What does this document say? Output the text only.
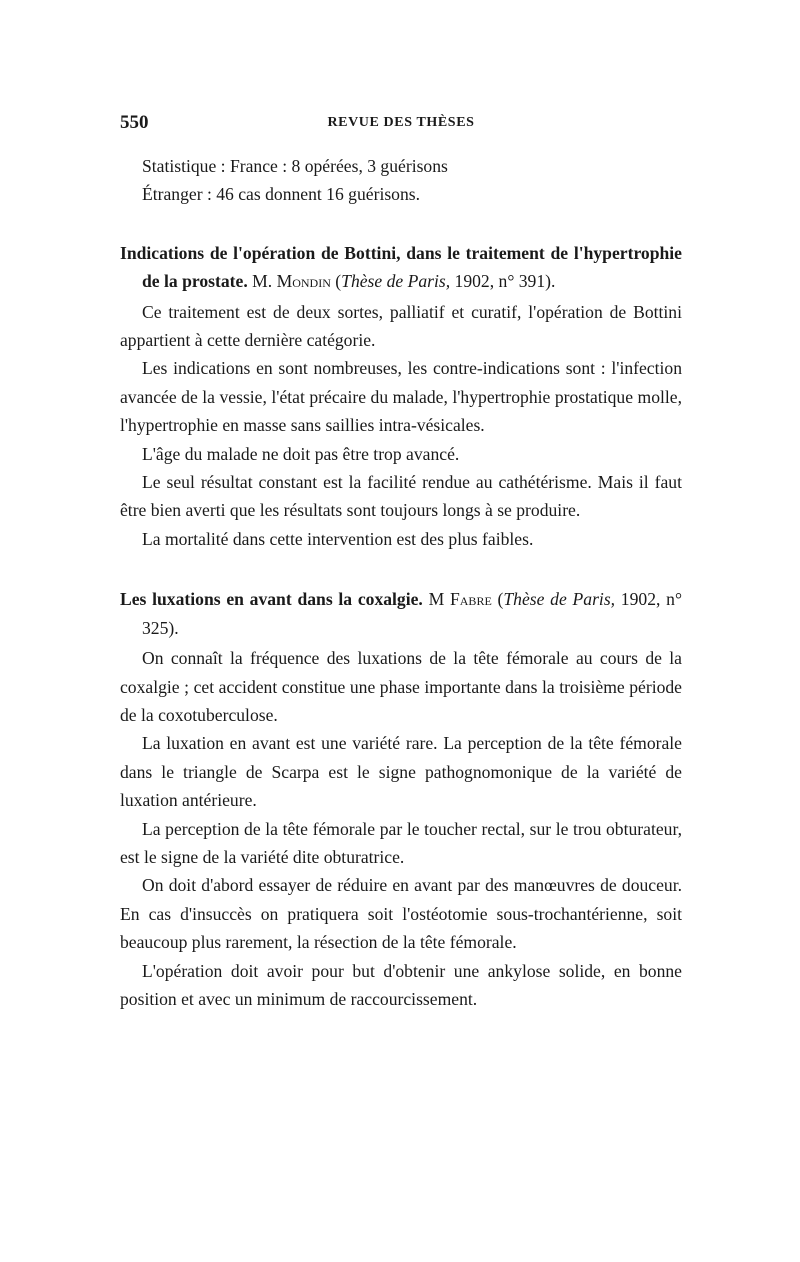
550	REVUE DES THÈSES

Statistique : France : 8 opérées, 3 guérisons

Étranger : 46 cas donnent 16 guérisons.

Indications de l'opération de Bottini, dans le traitement de l'hypertrophie de la prostate. M. Mondin (Thèse de Paris, 1902, n° 391).

Ce traitement est de deux sortes, palliatif et curatif, l'opération de Bottini appartient à cette dernière catégorie.

Les indications en sont nombreuses, les contre-indications sont : l'infection avancée de la vessie, l'état précaire du malade, l'hypertrophie prostatique molle, l'hypertrophie en masse sans saillies intra-vésicales.

L'âge du malade ne doit pas être trop avancé.

Le seul résultat constant est la facilité rendue au cathétérisme. Mais il faut être bien averti que les résultats sont toujours longs à se produire.

La mortalité dans cette intervention est des plus faibles.

Les luxations en avant dans la coxalgie. M Fabre (Thèse de Paris, 1902, n° 325).

On connaît la fréquence des luxations de la tête fémorale au cours de la coxalgie ; cet accident constitue une phase importante dans la troisième période de la coxotuberculose.

La luxation en avant est une variété rare. La perception de la tête fémorale dans le triangle de Scarpa est le signe pathognomonique de la variété de luxation antérieure.

La perception de la tête fémorale par le toucher rectal, sur le trou obturateur, est le signe de la variété dite obturatrice.

On doit d'abord essayer de réduire en avant par des manœuvres de douceur. En cas d'insuccès on pratiquera soit l'ostéotomie sous-trochantérienne, soit beaucoup plus rarement, la résection de la tête fémorale.

L'opération doit avoir pour but d'obtenir une ankylose solide, en bonne position et avec un minimum de raccourcissement.
